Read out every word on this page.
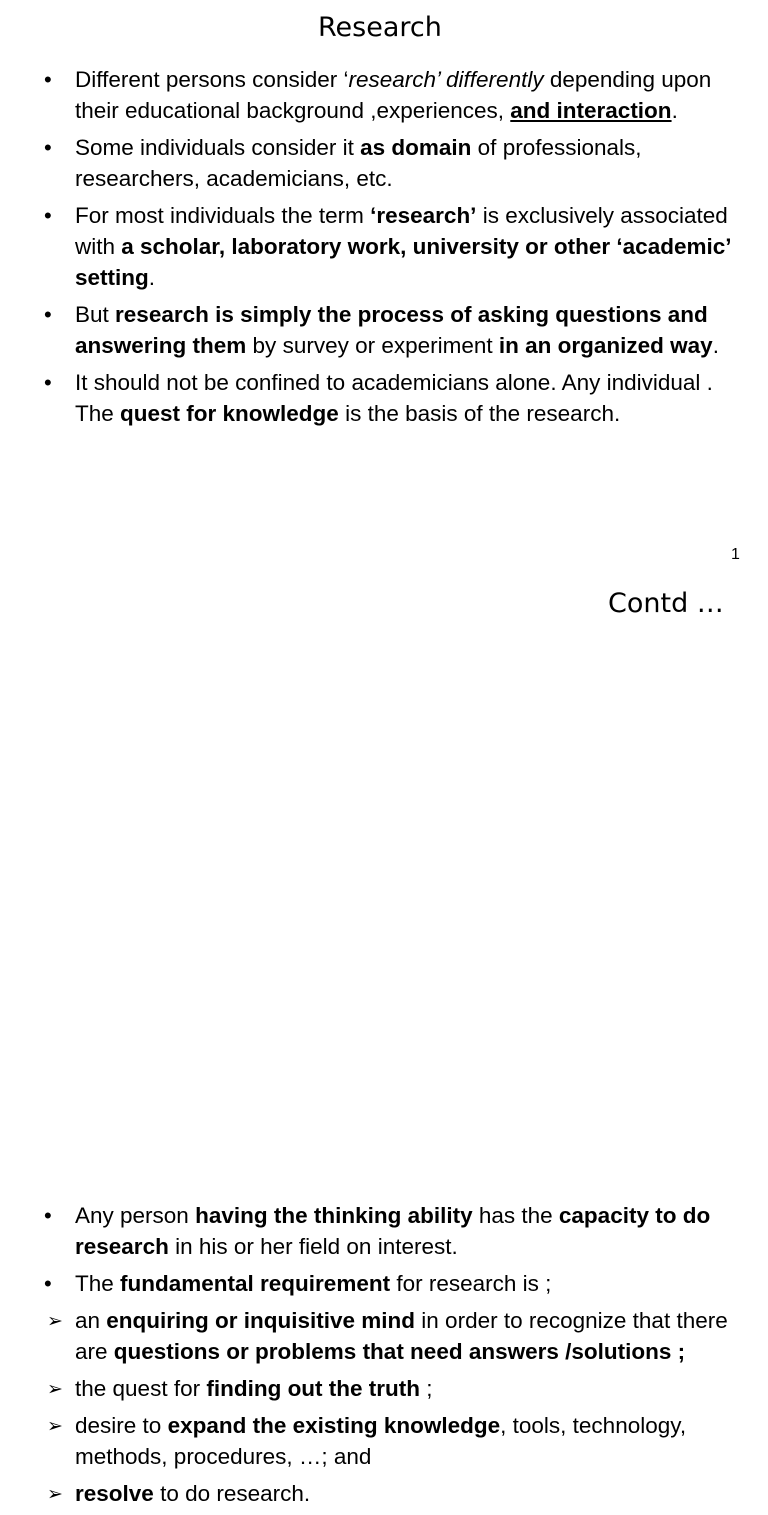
Research
• Different persons consider ‘research’ differently depending upon their educational background ,experiences, and interaction.
• Some individuals consider it as domain of professionals, researchers, academicians, etc.
• For most individuals the term ‘research’ is exclusively associated with a scholar, laboratory work, university or other ‘academic’ setting.
• But research is simply the process of asking questions and answering them by survey or experiment in an organized way.
• It should not be confined to academicians alone. Any individual . The quest for knowledge is the basis of the research.
1
Contd …
• Any person having the thinking ability has the capacity to do research in his or her field on interest.
• The fundamental requirement for research is ;
➢ an enquiring or inquisitive mind in order to recognize that there are questions or problems that need answers /solutions ;
➢ the quest for finding out the truth ;
➢ desire to expand the existing knowledge, tools, technology, methods, procedures, …; and
➢ resolve to do research.
